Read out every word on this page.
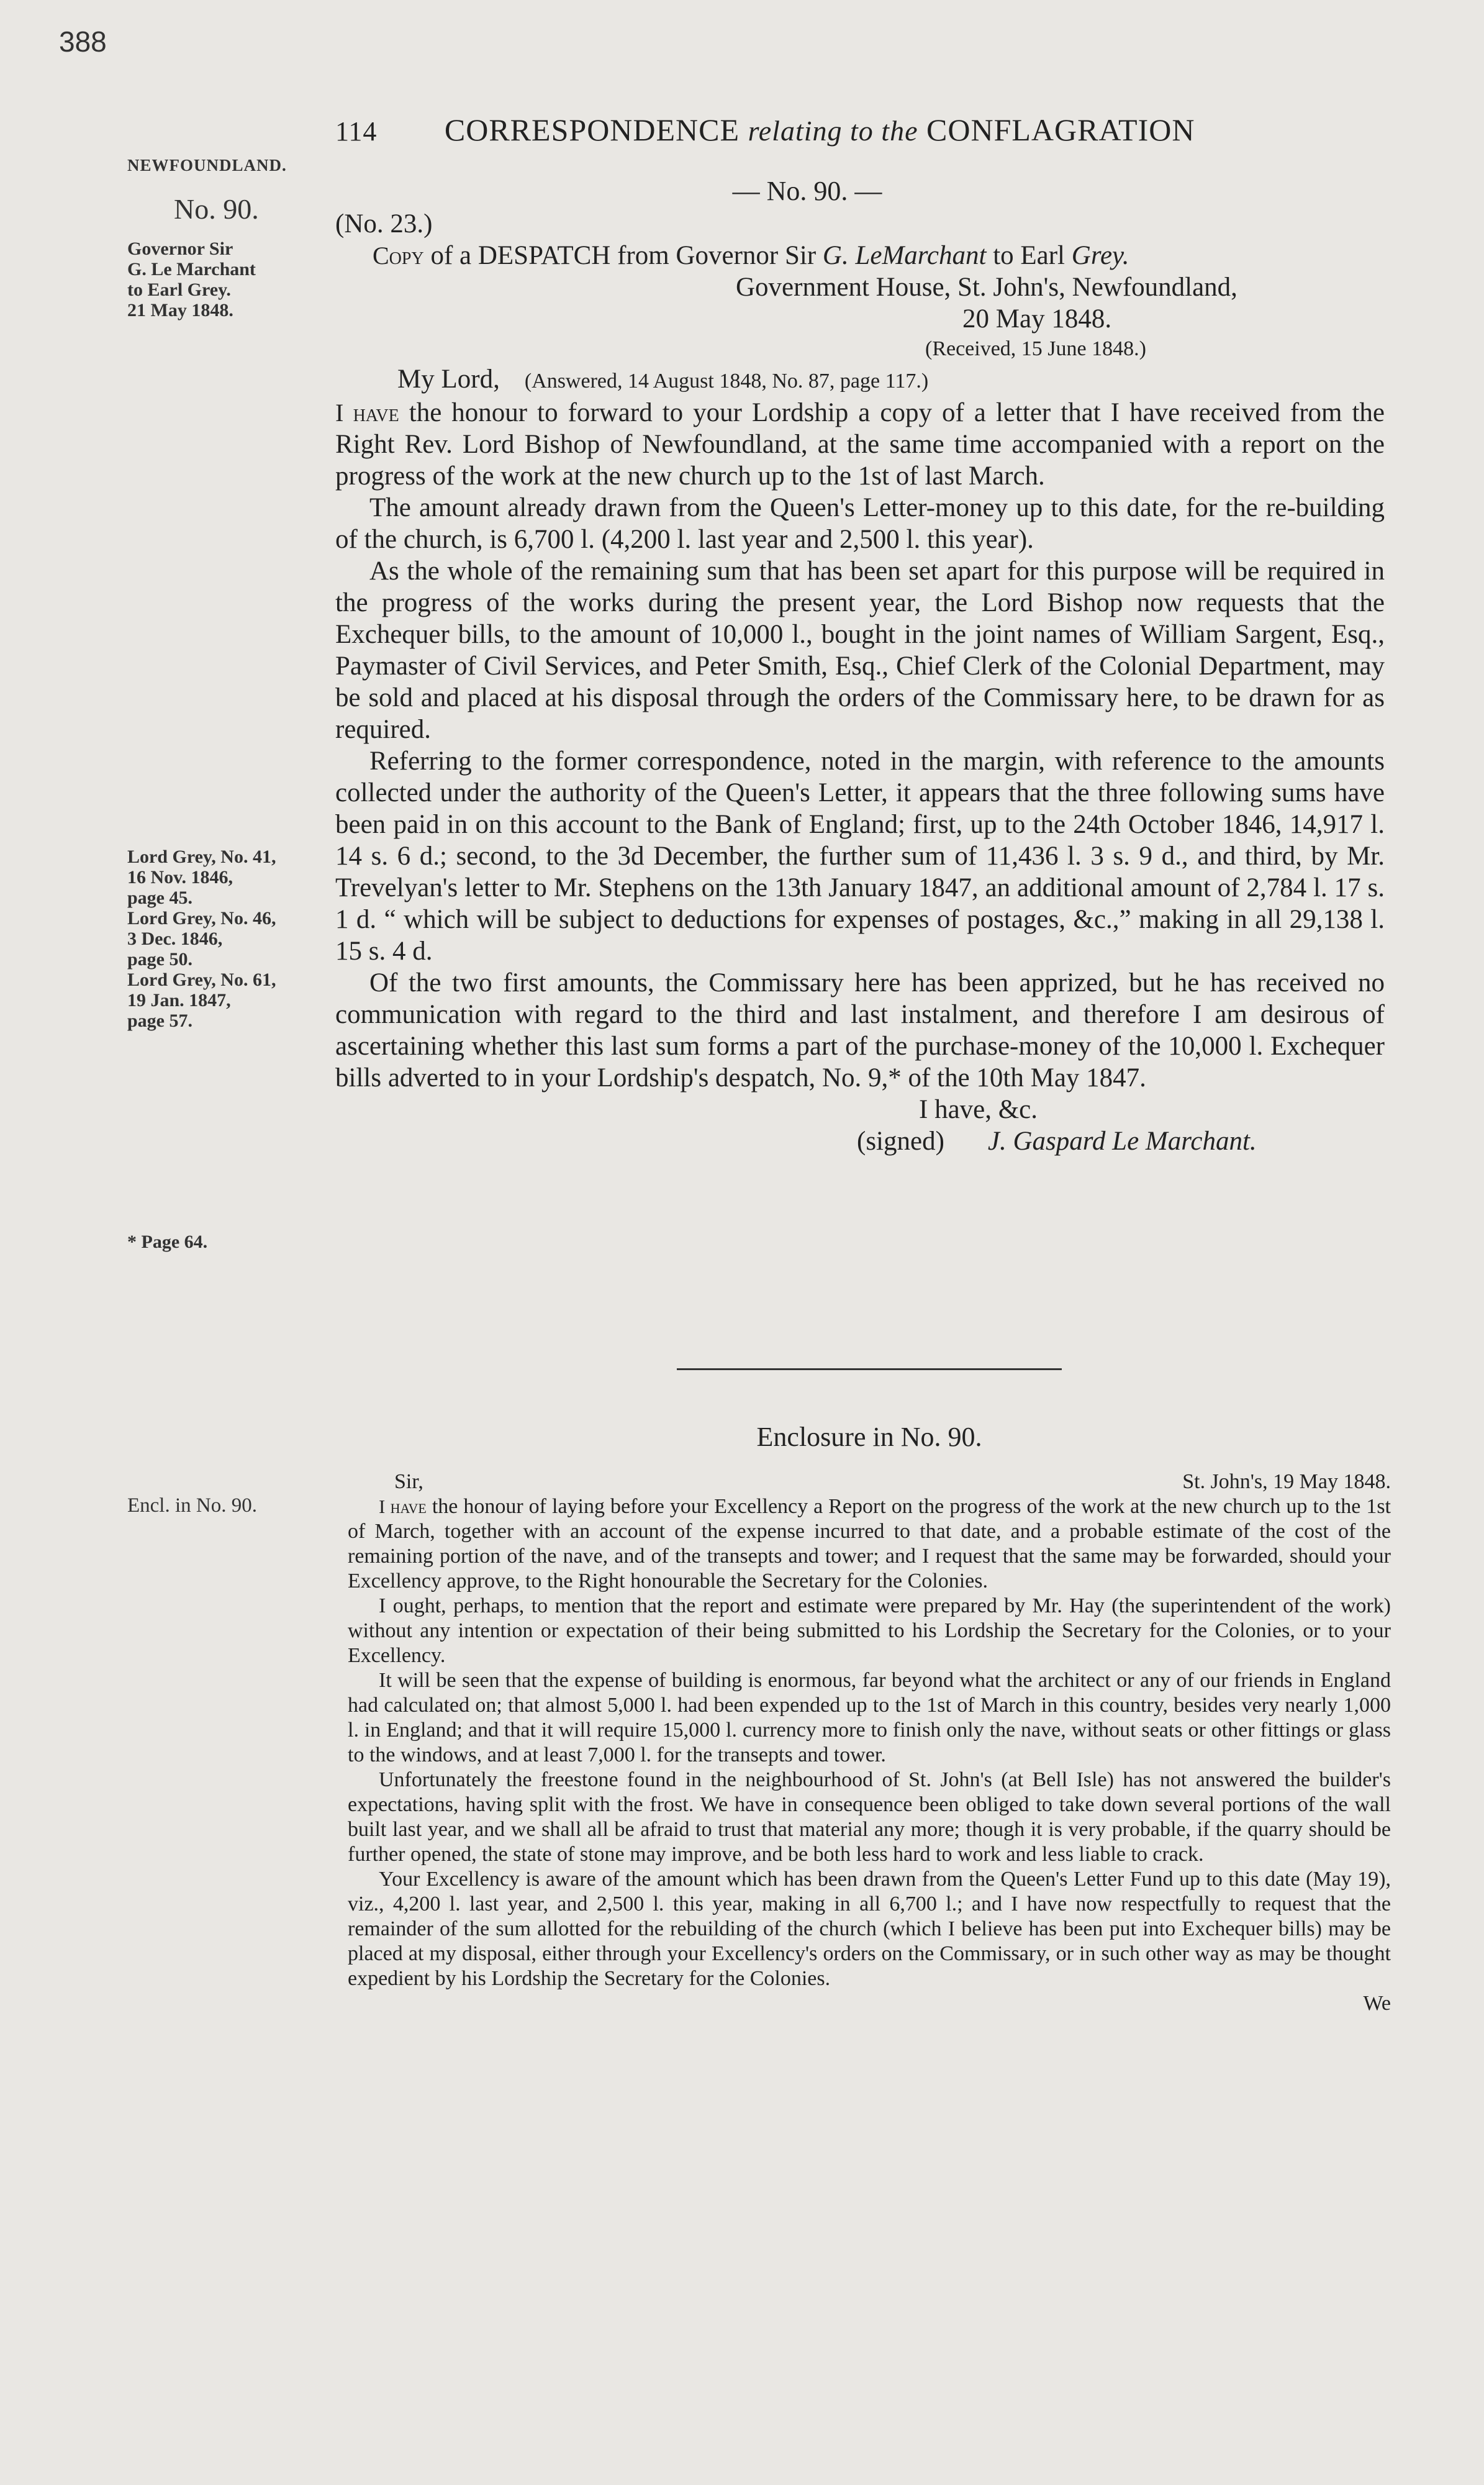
388
114 CORRESPONDENCE relating to the CONFLAGRATION
NEWFOUNDLAND.
No. 90.
Governor Sir
G. Le Marchant
to Earl Grey.
21 May 1848.
Lord Grey, No. 41,
16 Nov. 1846,
page 45.
Lord Grey, No. 46,
3 Dec. 1846,
page 50.
Lord Grey, No. 61,
19 Jan. 1847,
page 57.
* Page 64.
Encl. in No. 90.
— No. 90. —
(No. 23.)
Copy of a DESPATCH from Governor Sir G. LeMarchant to Earl Grey.
Government House, St. John's, Newfoundland,
20 May 1848.
(Received, 15 June 1848.)
My Lord, (Answered, 14 August 1848, No. 87, page 117.)

I have the honour to forward to your Lordship a copy of a letter that I have received from the Right Rev. Lord Bishop of Newfoundland, at the same time accompanied with a report on the progress of the work at the new church up to the 1st of last March.

The amount already drawn from the Queen's Letter-money up to this date, for the re-building of the church, is 6,700 l. (4,200 l. last year and 2,500 l. this year).

As the whole of the remaining sum that has been set apart for this purpose will be required in the progress of the works during the present year, the Lord Bishop now requests that the Exchequer bills, to the amount of 10,000 l., bought in the joint names of William Sargent, Esq., Paymaster of Civil Services, and Peter Smith, Esq., Chief Clerk of the Colonial Department, may be sold and placed at his disposal through the orders of the Commissary here, to be drawn for as required.

Referring to the former correspondence, noted in the margin, with reference to the amounts collected under the authority of the Queen's Letter, it appears that the three following sums have been paid in on this account to the Bank of England; first, up to the 24th October 1846, 14,917 l. 14 s. 6 d.; second, to the 3d December, the further sum of 11,436 l. 3 s. 9 d., and third, by Mr. Trevelyan's letter to Mr. Stephens on the 13th January 1847, an additional amount of 2,784 l. 17 s. 1 d. “ which will be subject to deductions for expenses of postages, &c.,” making in all 29,138 l. 15 s. 4 d.

Of the two first amounts, the Commissary here has been apprized, but he has received no communication with regard to the third and last instalment, and therefore I am desirous of ascertaining whether this last sum forms a part of the purchase-money of the 10,000 l. Exchequer bills adverted to in your Lordship's despatch, No. 9,* of the 10th May 1847.

I have, &c.
(signed) J. Gaspard Le Marchant.
Enclosure in No. 90.
Sir,	St. John's, 19 May 1848.

I have the honour of laying before your Excellency a Report on the progress of the work at the new church up to the 1st of March, together with an account of the expense incurred to that date, and a probable estimate of the cost of the remaining portion of the nave, and of the transepts and tower; and I request that the same may be forwarded, should your Excellency approve, to the Right honourable the Secretary for the Colonies.

I ought, perhaps, to mention that the report and estimate were prepared by Mr. Hay (the superintendent of the work) without any intention or expectation of their being submitted to his Lordship the Secretary for the Colonies, or to your Excellency.

It will be seen that the expense of building is enormous, far beyond what the architect or any of our friends in England had calculated on; that almost 5,000 l. had been expended up to the 1st of March in this country, besides very nearly 1,000 l. in England; and that it will require 15,000 l. currency more to finish only the nave, without seats or other fittings or glass to the windows, and at least 7,000 l. for the transepts and tower.

Unfortunately the freestone found in the neighbourhood of St. John's (at Bell Isle) has not answered the builder's expectations, having split with the frost. We have in consequence been obliged to take down several portions of the wall built last year, and we shall all be afraid to trust that material any more; though it is very probable, if the quarry should be further opened, the state of stone may improve, and be both less hard to work and less liable to crack.

Your Excellency is aware of the amount which has been drawn from the Queen's Letter Fund up to this date (May 19), viz., 4,200 l. last year, and 2,500 l. this year, making in all 6,700 l.; and I have now respectfully to request that the remainder of the sum allotted for the rebuilding of the church (which I believe has been put into Exchequer bills) may be placed at my disposal, either through your Excellency's orders on the Commissary, or in such other way as may be thought expedient by his Lordship the Secretary for the Colonies.

We
